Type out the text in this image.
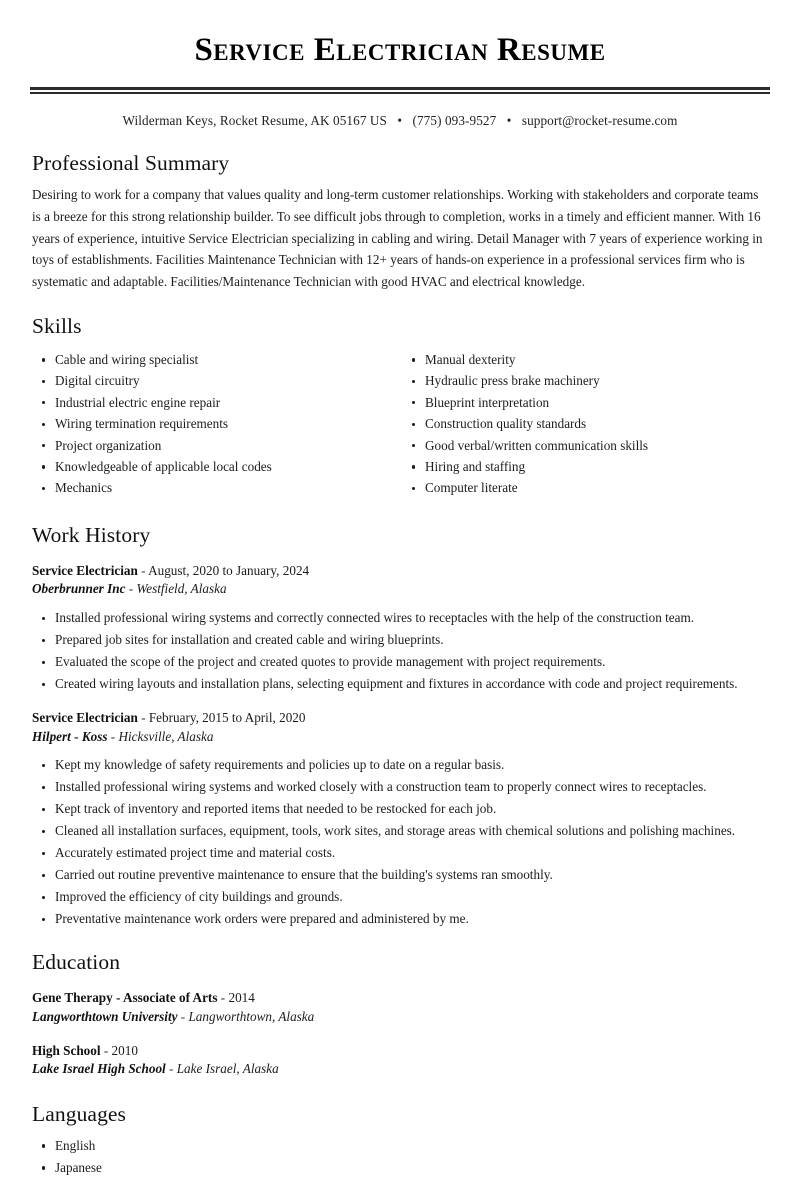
Service Electrician Resume
Wilderman Keys, Rocket Resume, AK 05167 US • (775) 093-9527 • support@rocket-resume.com
Professional Summary

Desiring to work for a company that values quality and long-term customer relationships. Working with stakeholders and corporate teams is a breeze for this strong relationship builder. To see difficult jobs through to completion, works in a timely and efficient manner. With 16 years of experience, intuitive Service Electrician specializing in cabling and wiring. Detail Manager with 7 years of experience working in toys of establishments. Facilities Maintenance Technician with 12+ years of hands-on experience in a professional services firm who is systematic and adaptable. Facilities/Maintenance Technician with good HVAC and electrical knowledge.

Skills
Cable and wiring specialist
Digital circuitry
Industrial electric engine repair
Wiring termination requirements
Project organization
Knowledgeable of applicable local codes
Mechanics
Manual dexterity
Hydraulic press brake machinery
Blueprint interpretation
Construction quality standards
Good verbal/written communication skills
Hiring and staffing
Computer literate
Work History
Service Electrician - August, 2020 to January, 2024
Oberbrunner Inc - Westfield, Alaska
Installed professional wiring systems and correctly connected wires to receptacles with the help of the construction team.
Prepared job sites for installation and created cable and wiring blueprints.
Evaluated the scope of the project and created quotes to provide management with project requirements.
Created wiring layouts and installation plans, selecting equipment and fixtures in accordance with code and project requirements.
Service Electrician - February, 2015 to April, 2020
Hilpert - Koss - Hicksville, Alaska
Kept my knowledge of safety requirements and policies up to date on a regular basis.
Installed professional wiring systems and worked closely with a construction team to properly connect wires to receptacles.
Kept track of inventory and reported items that needed to be restocked for each job.
Cleaned all installation surfaces, equipment, tools, work sites, and storage areas with chemical solutions and polishing machines.
Accurately estimated project time and material costs.
Carried out routine preventive maintenance to ensure that the building's systems ran smoothly.
Improved the efficiency of city buildings and grounds.
Preventative maintenance work orders were prepared and administered by me.
Education
Gene Therapy - Associate of Arts - 2014
Langworthtown University - Langworthtown, Alaska
High School - 2010
Lake Israel High School - Lake Israel, Alaska
Languages
English
Japanese
